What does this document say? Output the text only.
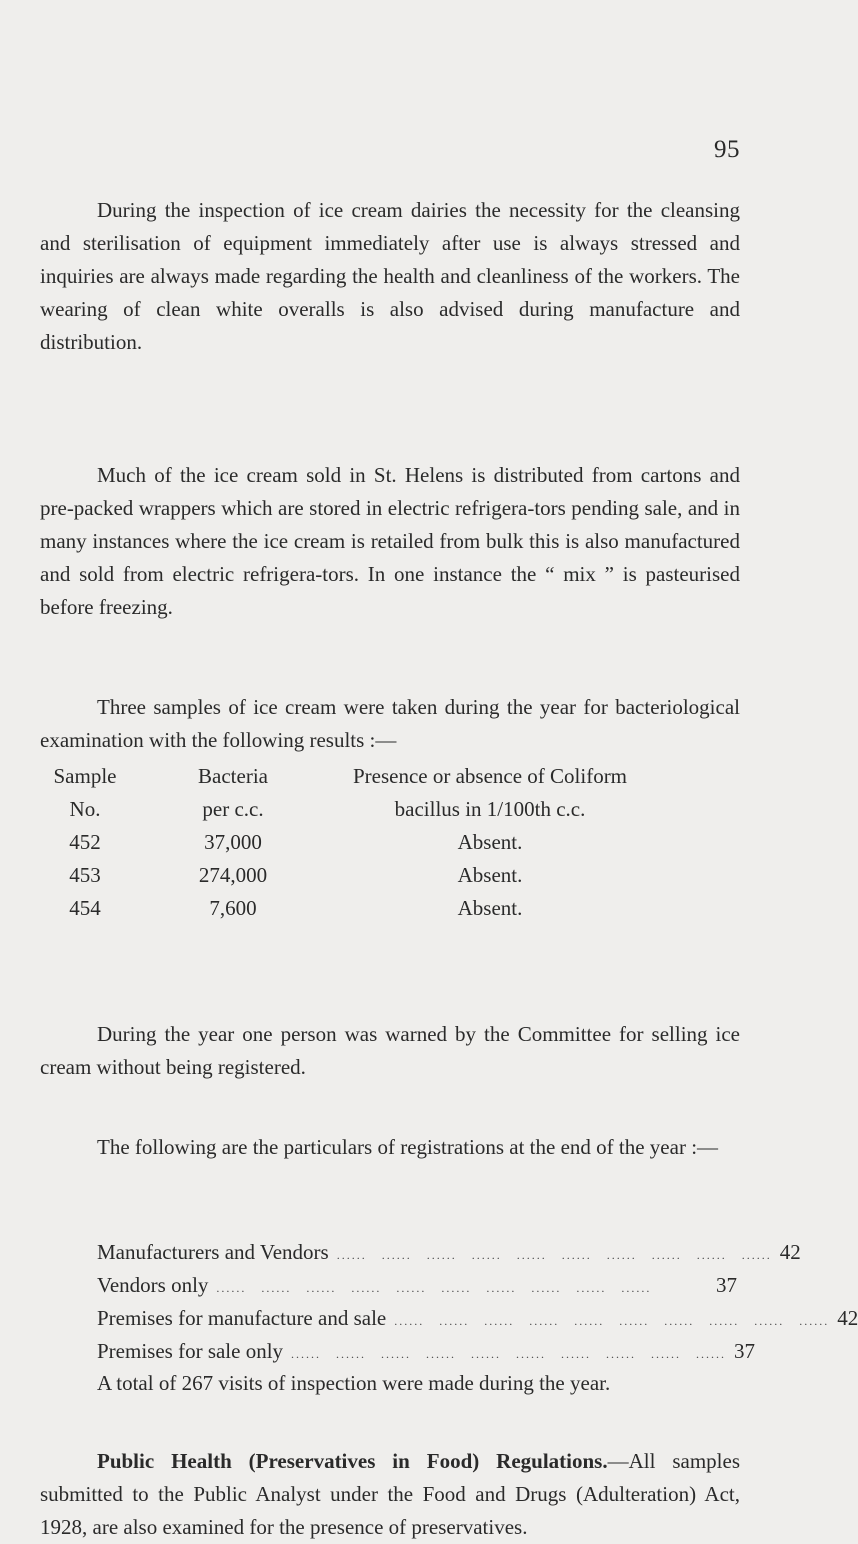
95

During the inspection of ice cream dairies the necessity for the cleansing and sterilisation of equipment immediately after use is always stressed and inquiries are always made regarding the health and cleanliness of the workers. The wearing of clean white overalls is also advised during manufacture and distribution.

Much of the ice cream sold in St. Helens is distributed from cartons and pre-packed wrappers which are stored in electric refrigera-tors pending sale, and in many instances where the ice cream is retailed from bulk this is also manufactured and sold from electric refrigera-tors. In one instance the “ mix ” is pasteurised before freezing.

Three samples of ice cream were taken during the year for bacteriological examination with the following results :—

Sample	Bacteria	Presence or absence of Coliform
No.	per c.c.	bacillus in 1/100th c.c.
452	37,000	Absent.
453	274,000	Absent.
454	7,600	Absent.

During the year one person was warned by the Committee for selling ice cream without being registered.

The following are the particulars of registrations at the end of the year :—

Manufacturers and Vendors ......   ......   ......   ......   ......   ......   ......   ......   ......   ...... 42
Vendors only ......   ......   ......   ......   ......   ......   ......   ......   ......   ......	37
Premises for manufacture and sale ......   ......   ......   ......   ......   ......   ......   ......   ......   ...... 42
Premises for sale only ......   ......   ......   ......   ......   ......   ......   ......   ......   ...... 37

A total of 267 visits of inspection were made during the year.

Public Health (Preservatives in Food) Regulations.—All samples submitted to the Public Analyst under the Food and Drugs (Adulteration) Act, 1928, are also examined for the presence of preservatives.
